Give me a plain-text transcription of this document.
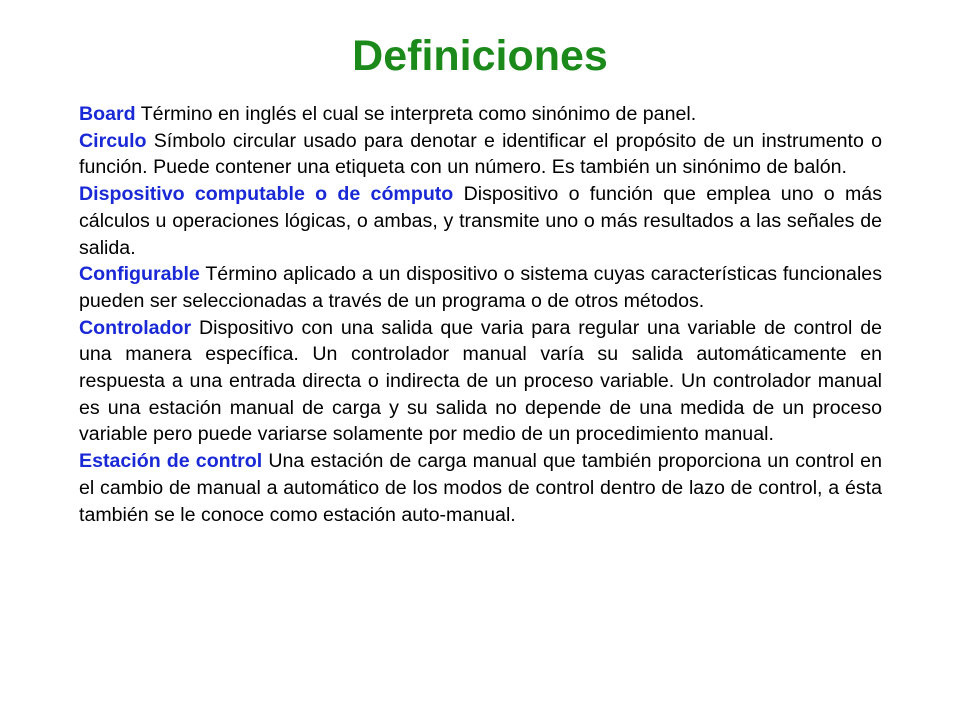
Definiciones
Board Término en inglés el cual se interpreta como sinónimo de panel.
Circulo Símbolo circular usado para denotar e identificar el propósito de un instrumento o función. Puede contener una etiqueta con un número. Es también un sinónimo de balón.
Dispositivo computable o de cómputo Dispositivo o función que emplea uno o más cálculos u operaciones lógicas, o ambas, y transmite uno o más resultados a las señales de salida.
Configurable Término aplicado a un dispositivo o sistema cuyas características funcionales pueden ser seleccionadas a través de un programa o de otros métodos.
Controlador Dispositivo con una salida que varia para regular una variable de control de una manera específica. Un controlador manual varía su salida automáticamente en respuesta a una entrada directa o indirecta de un proceso variable. Un controlador manual es una estación manual de carga y su salida no depende de una medida de un proceso variable pero puede variarse solamente por medio de un procedimiento manual.
Estación de control Una estación de carga manual que también proporciona un control en el cambio de manual a automático de los modos de control dentro de lazo de control, a ésta también se le conoce como estación auto-manual.
